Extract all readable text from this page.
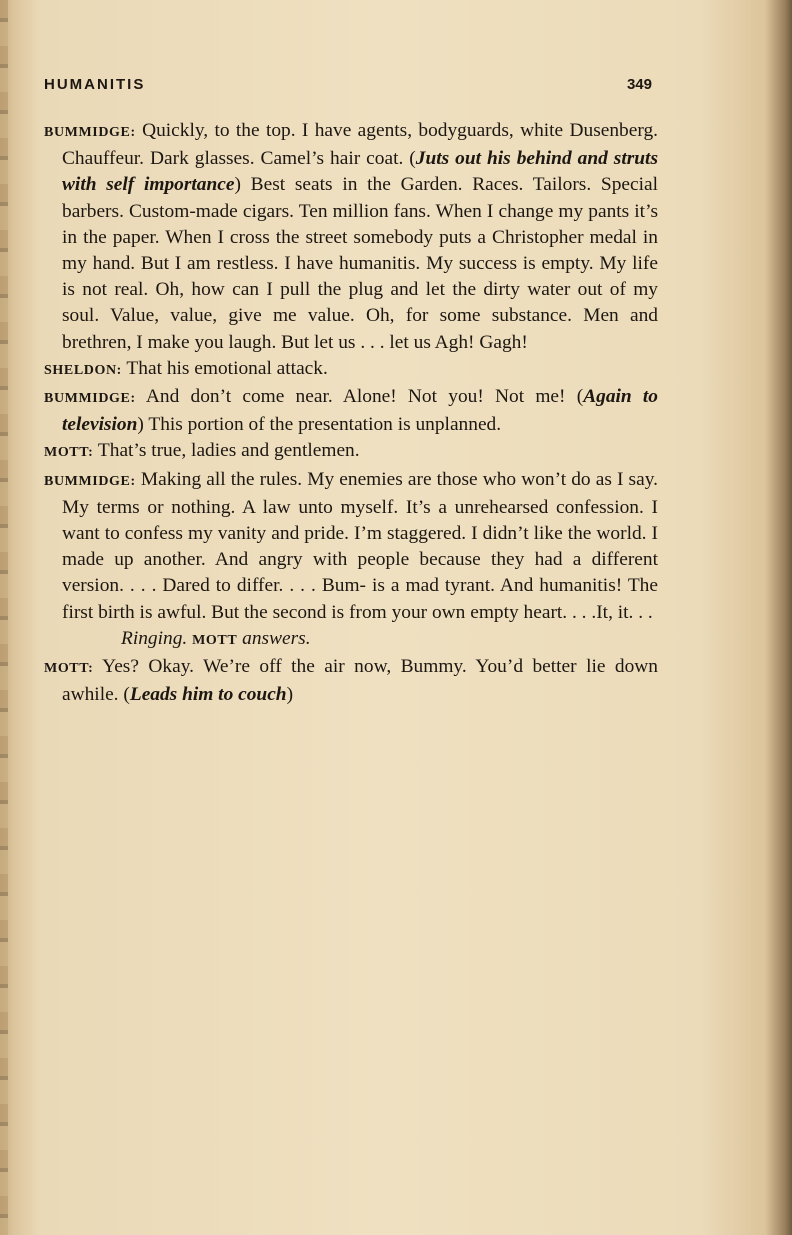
HUMANITIS	349

BUMMIDGE: Quickly, to the top. I have agents, bodyguards, white Dusenberg. Chauffeur. Dark glasses. Camel’s hair coat. (Juts out his behind and struts with self importance) Best seats in the Garden. Races. Tailors. Special barbers. Custom-made cigars. Ten million fans. When I change my pants it’s in the paper. When I cross the street somebody puts a Christopher medal in my hand. But I am restless. I have humanitis. My success is empty. My life is not real. Oh, how can I pull the plug and let the dirty water out of my soul. Value, value, give me value. Oh, for some substance. Men and brethren, I make you laugh. But let us . . . let us Agh! Gagh!

SHELDON: That his emotional attack.

BUMMIDGE: And don’t come near. Alone! Not you! Not me! (Again to television) This portion of the presentation is unplanned.

MOTT: That’s true, ladies and gentlemen.

BUMMIDGE: Making all the rules. My enemies are those who won’t do as I say. My terms or nothing. A law unto myself. It’s a unrehearsed confession. I want to confess my vanity and pride. I’m staggered. I didn’t like the world. I made up another. And angry with people because they had a different version. . . . Dared to differ. . . . Bum- is a mad tyrant. And humanitis! The first birth is awful. But the second is from your own empty heart. . . .It, it. . .

Ringing. MOTT answers.

MOTT: Yes? Okay. We’re off the air now, Bummy. You’d better lie down awhile. (Leads him to couch)
